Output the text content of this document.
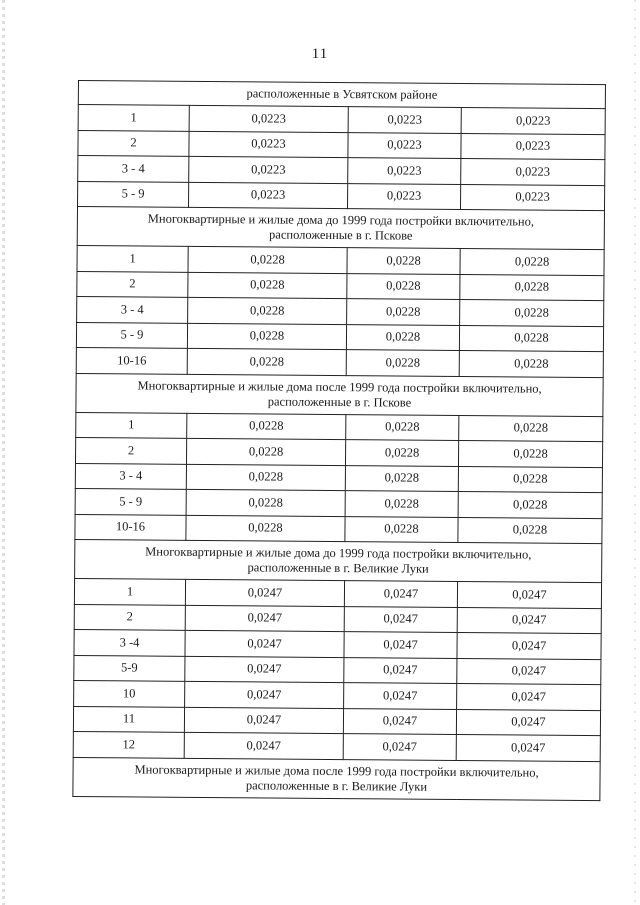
11
расположенные в Усвятском районе			

1	0,0223	0,0223	0,0223
2	0,0223	0,0223	0,0223
3 - 4	0,0223	0,0223	0,0223
5 - 9	0,0223	0,0223	0,0223

Многоквартирные и жилые дома до 1999 года постройки включительно,
расположенные в г. Пскове			

1	0,0228	0,0228	0,0228
2	0,0228	0,0228	0,0228
3 - 4	0,0228	0,0228	0,0228
5 - 9	0,0228	0,0228	0,0228
10-16	0,0228	0,0228	0,0228

Многоквартирные и жилые дома после 1999 года постройки включительно,
расположенные в г. Пскове			

1	0,0228	0,0228	0,0228
2	0,0228	0,0228	0,0228
3 - 4	0,0228	0,0228	0,0228
5 - 9	0,0228	0,0228	0,0228
10-16	0,0228	0,0228	0,0228

Многоквартирные и жилые дома до 1999 года постройки включительно,
расположенные в г. Великие Луки			

1	0,0247	0,0247	0,0247
2	0,0247	0,0247	0,0247
3 -4	0,0247	0,0247	0,0247
5-9	0,0247	0,0247	0,0247
10	0,0247	0,0247	0,0247
11	0,0247	0,0247	0,0247
12	0,0247	0,0247	0,0247

Многоквартирные и жилые дома после 1999 года постройки включительно,
расположенные в г. Великие Луки			
